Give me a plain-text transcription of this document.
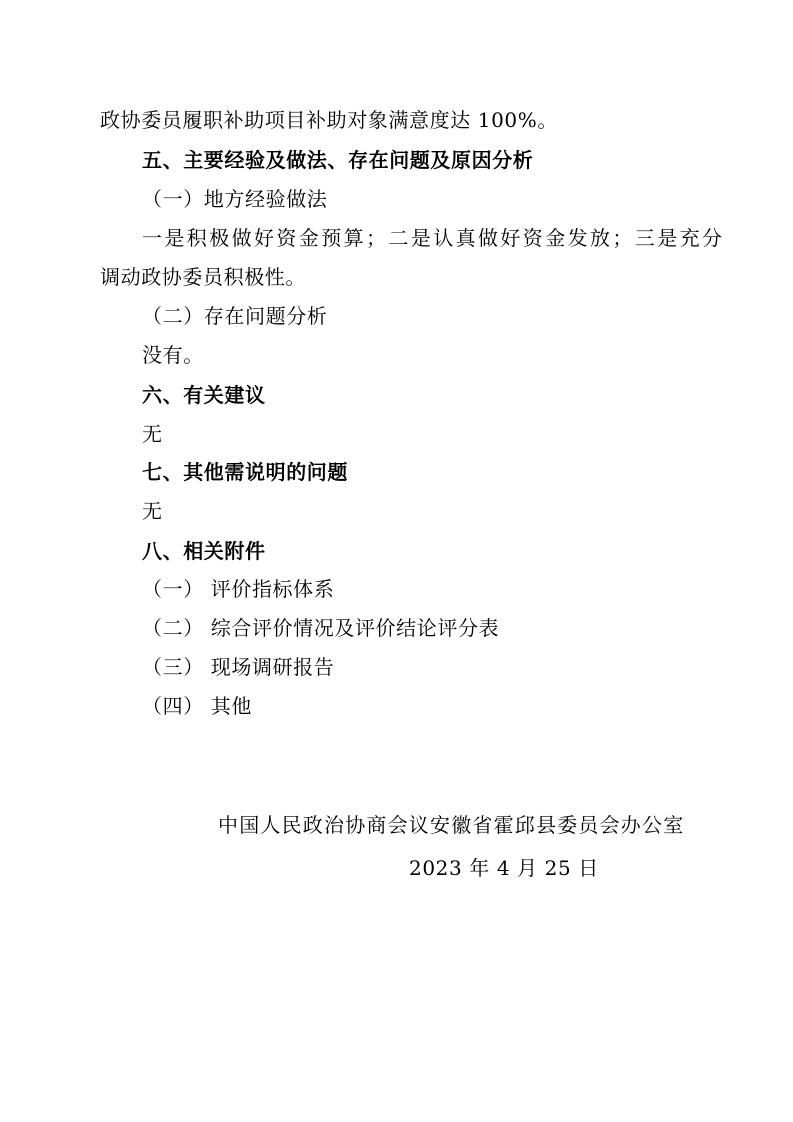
政协委员履职补助项目补助对象满意度达 100%。
五、主要经验及做法、存在问题及原因分析
（一）地方经验做法
一是积极做好资金预算；二是认真做好资金发放；三是充分
调动政协委员积极性。
（二）存在问题分析
没有。
六、有关建议
无
七、其他需说明的问题
无
八、相关附件
（一） 评价指标体系
（二） 综合评价情况及评价结论评分表
（三） 现场调研报告
（四） 其他
中国人民政治协商会议安徽省霍邱县委员会办公室
2023 年 4 月 25 日
